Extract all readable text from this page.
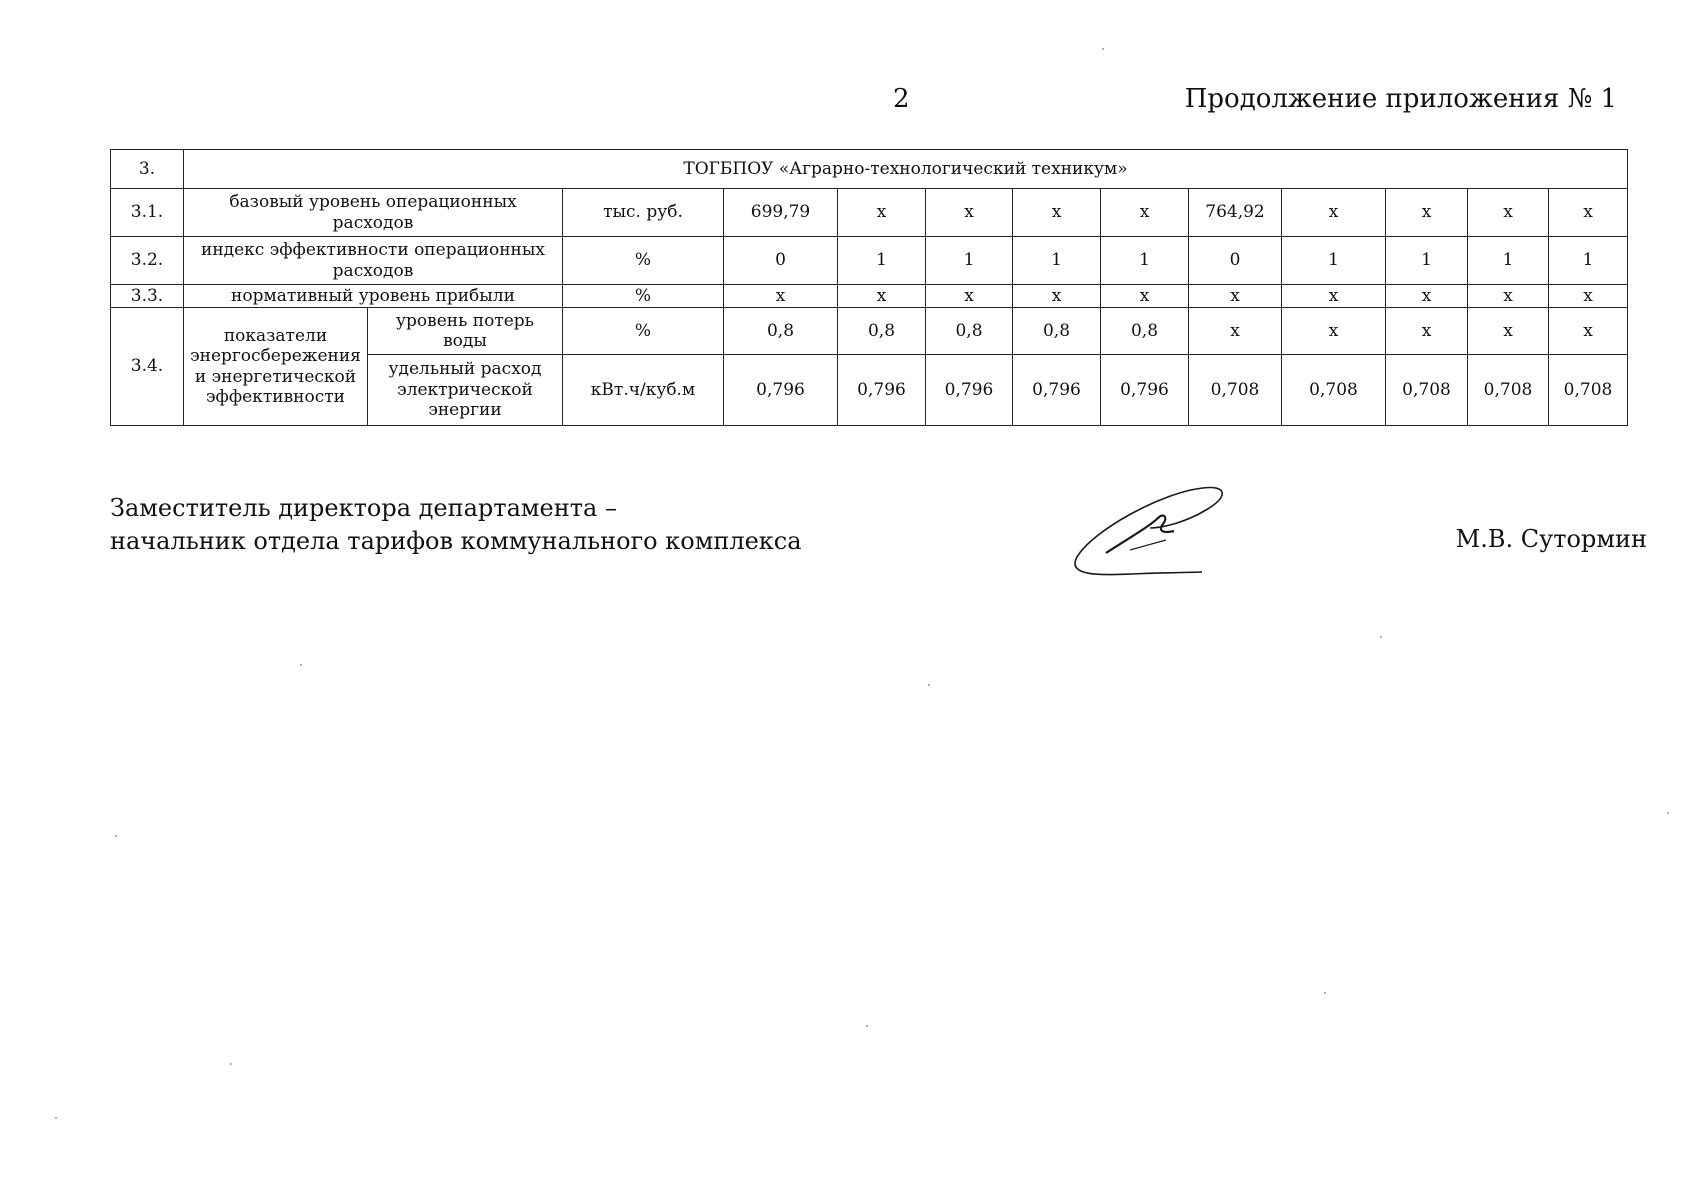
2	Продолжение приложения № 1
3.	ТОГБПОУ «Аграрно-технологический техникум»												
3.1.	базовый уровень операционных расходов		тыс. руб.	699,79	x	x	x	x	764,92	x	x	x	x
3.2.	индекс эффективности операционных расходов		%	0	1	1	1	1	0	1	1	1	1
3.3.	нормативный уровень прибыли		%	x	x	x	x	x	x	x	x	x	x
3.4.	показатели энергосбережения и энергетической эффективности	уровень потерь воды	%	0,8	0,8	0,8	0,8	0,8	x	x	x	x	x
		удельный расход электрической энергии	кВт.ч/куб.м	0,796	0,796	0,796	0,796	0,796	0,708	0,708	0,708	0,708	0,708
Заместитель директора департамента –
начальник отдела тарифов коммунального комплекса	М.В. Сутормин
